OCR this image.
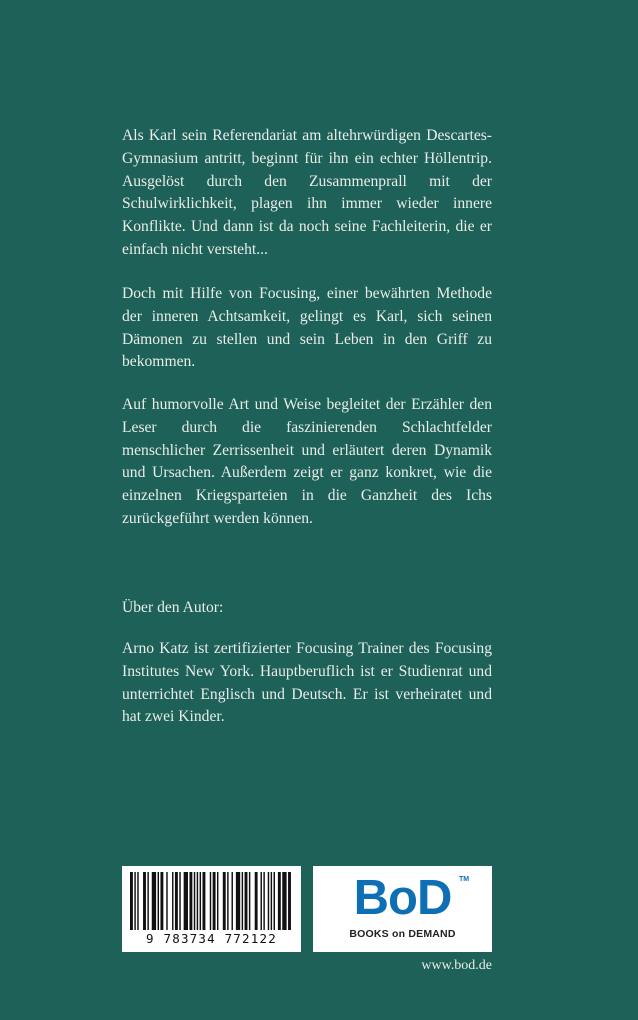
Als Karl sein Referendariat am altehrwürdigen Descartes-Gymnasium antritt, beginnt für ihn ein echter Höllentrip. Ausgelöst durch den Zusammenprall mit der Schulwirklichkeit, plagen ihn immer wieder innere Konflikte. Und dann ist da noch seine Fachleiterin, die er einfach nicht versteht...

Doch mit Hilfe von Focusing, einer bewährten Methode der inneren Achtsamkeit, gelingt es Karl, sich seinen Dämonen zu stellen und sein Leben in den Griff zu bekommen.

Auf humorvolle Art und Weise begleitet der Erzähler den Leser durch die faszinierenden Schlachtfelder menschlicher Zerrissenheit und erläutert deren Dynamik und Ursachen. Außerdem zeigt er ganz konkret, wie die einzelnen Kriegsparteien in die Ganzheit des Ichs zurückgeführt werden können.

Über den Autor:

Arno Katz ist zertifizierter Focusing Trainer des Focusing Institutes New York. Hauptberuflich ist er Studienrat und unterrichtet Englisch und Deutsch. Er ist verheiratet und hat zwei Kinder.

9 783734 772122
BoD	TM
BOOKS on DEMAND
www.bod.de
